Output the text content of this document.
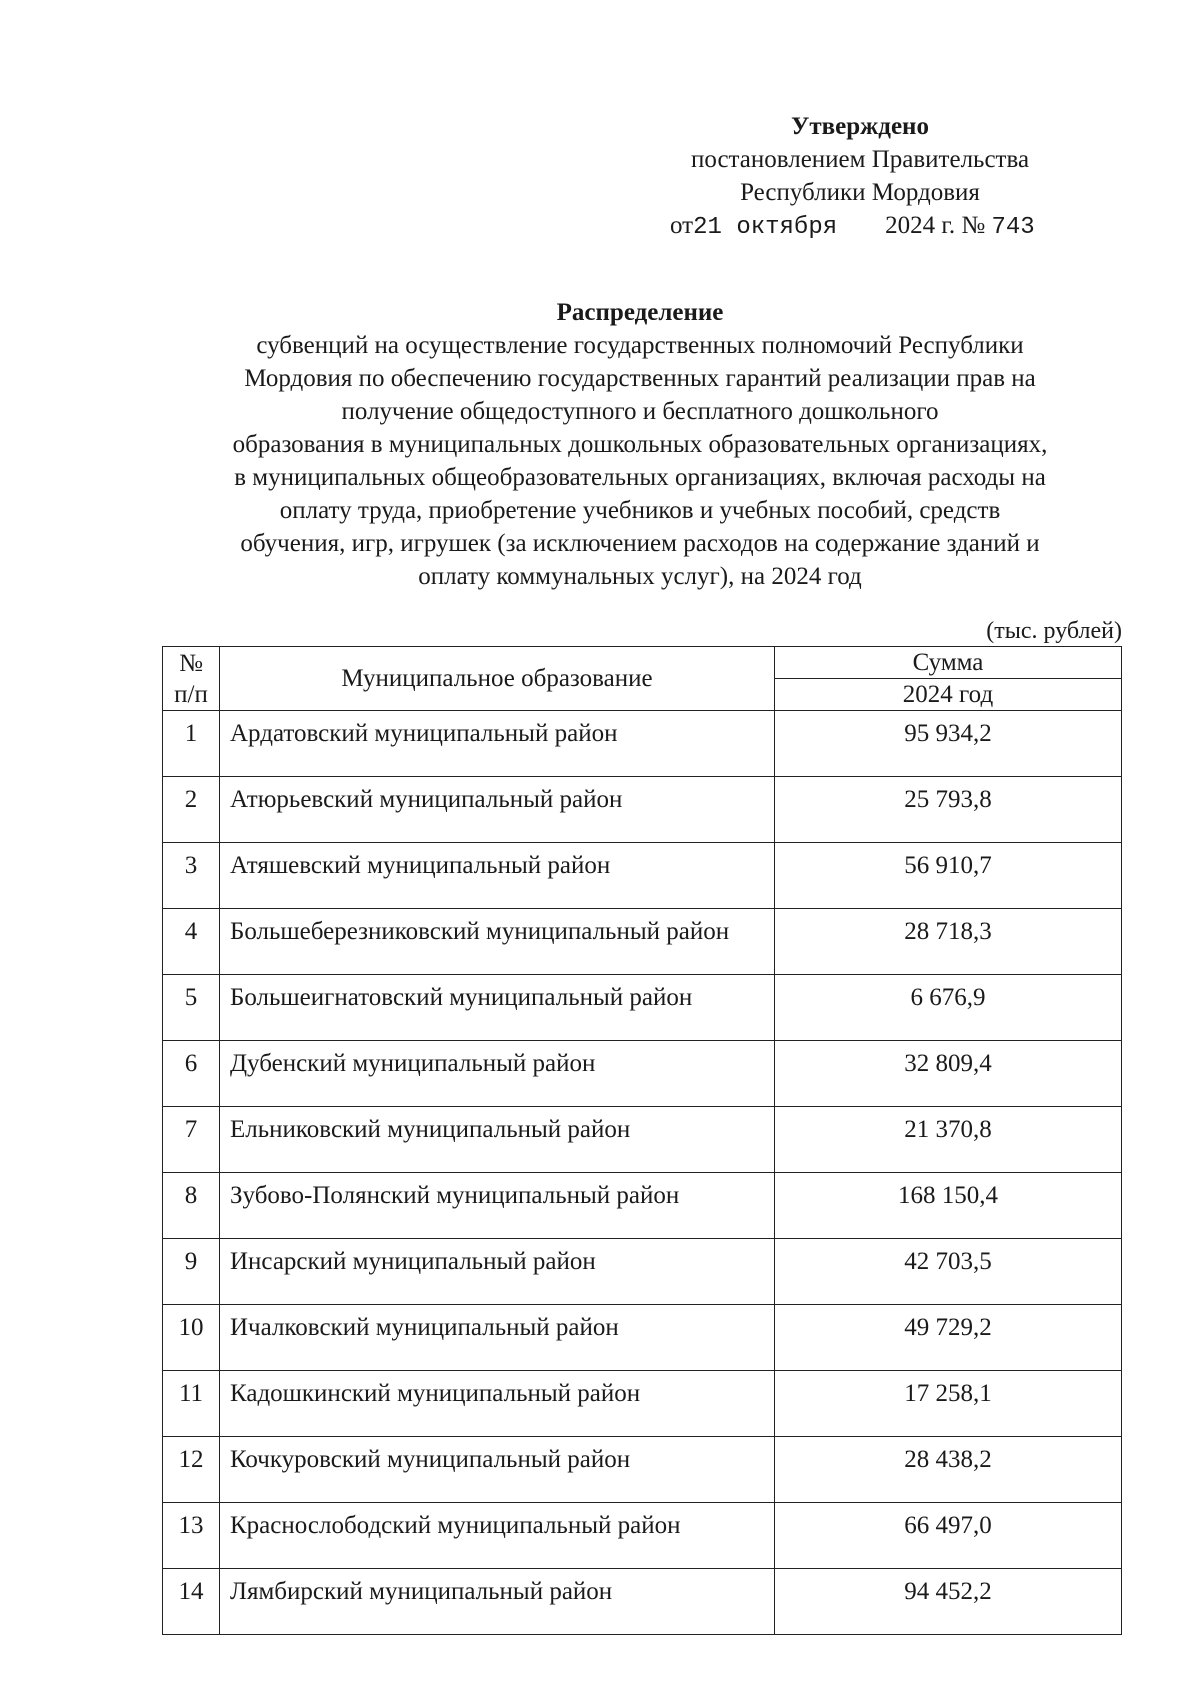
Утверждено
постановлением Правительства
Республики Мордовия
от21 октября 2024 г. № 743
Распределение
субвенций на осуществление государственных полномочий Республики
Мордовия по обеспечению государственных гарантий реализации прав на
получение общедоступного и бесплатного дошкольного
образования в муниципальных дошкольных образовательных организациях,
в муниципальных общеобразовательных организациях, включая расходы на
оплату труда, приобретение учебников и учебных пособий, средств
обучения, игр, игрушек (за исключением расходов на содержание зданий и
оплату коммунальных услуг), на 2024 год
(тыс. рублей)
№
п/п	Муниципальное образование	Сумма
		2024 год
1	Ардатовский муниципальный район	95 934,2
2	Атюрьевский муниципальный район	25 793,8
3	Атяшевский муниципальный район	56 910,7
4	Большеберезниковский муниципальный район	28 718,3
5	Большеигнатовский муниципальный район	6 676,9
6	Дубенский муниципальный район	32 809,4
7	Ельниковский муниципальный район	21 370,8
8	Зубово-Полянский муниципальный район	168 150,4
9	Инсарский муниципальный район	42 703,5
10	Ичалковский муниципальный район	49 729,2
11	Кадошкинский муниципальный район	17 258,1
12	Кочкуровский муниципальный район	28 438,2
13	Краснослободский муниципальный район	66 497,0
14	Лямбирский муниципальный район	94 452,2
